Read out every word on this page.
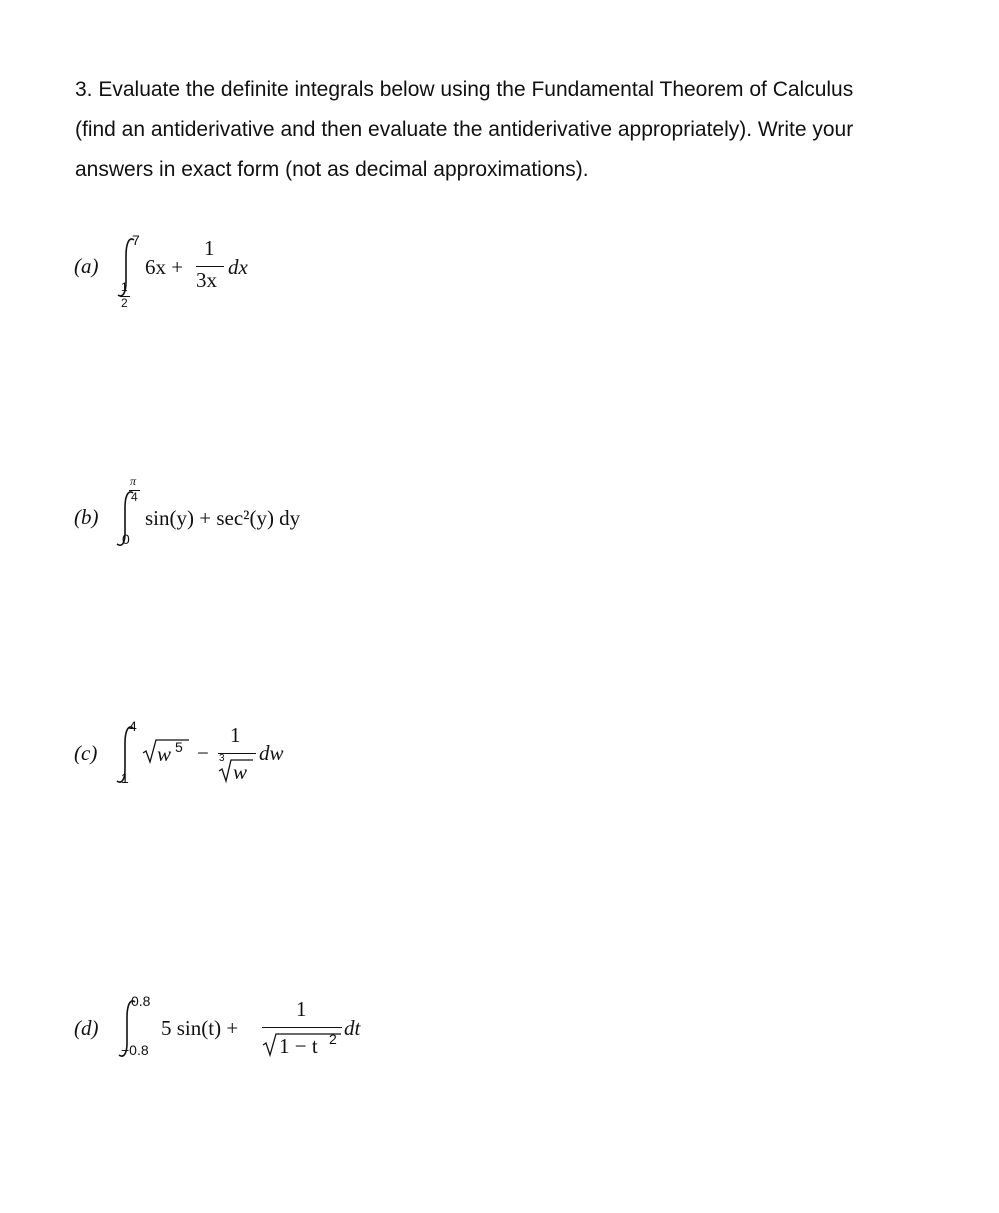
3. Evaluate the definite integrals below using the Fundamental Theorem of Calculus
(find an antiderivative and then evaluate the antiderivative appropriately). Write your
answers in exact form (not as decimal approximations).

(a)
7
1
2
6x +
1
3x
dx
(b)
π
4
0
sin(y) + sec²(y) dy
(c)
4
1
w 5 −
1
3
w
dw
(d)
0.8
−0.8
5 sin(t) +
1
1 − t 2 dt
